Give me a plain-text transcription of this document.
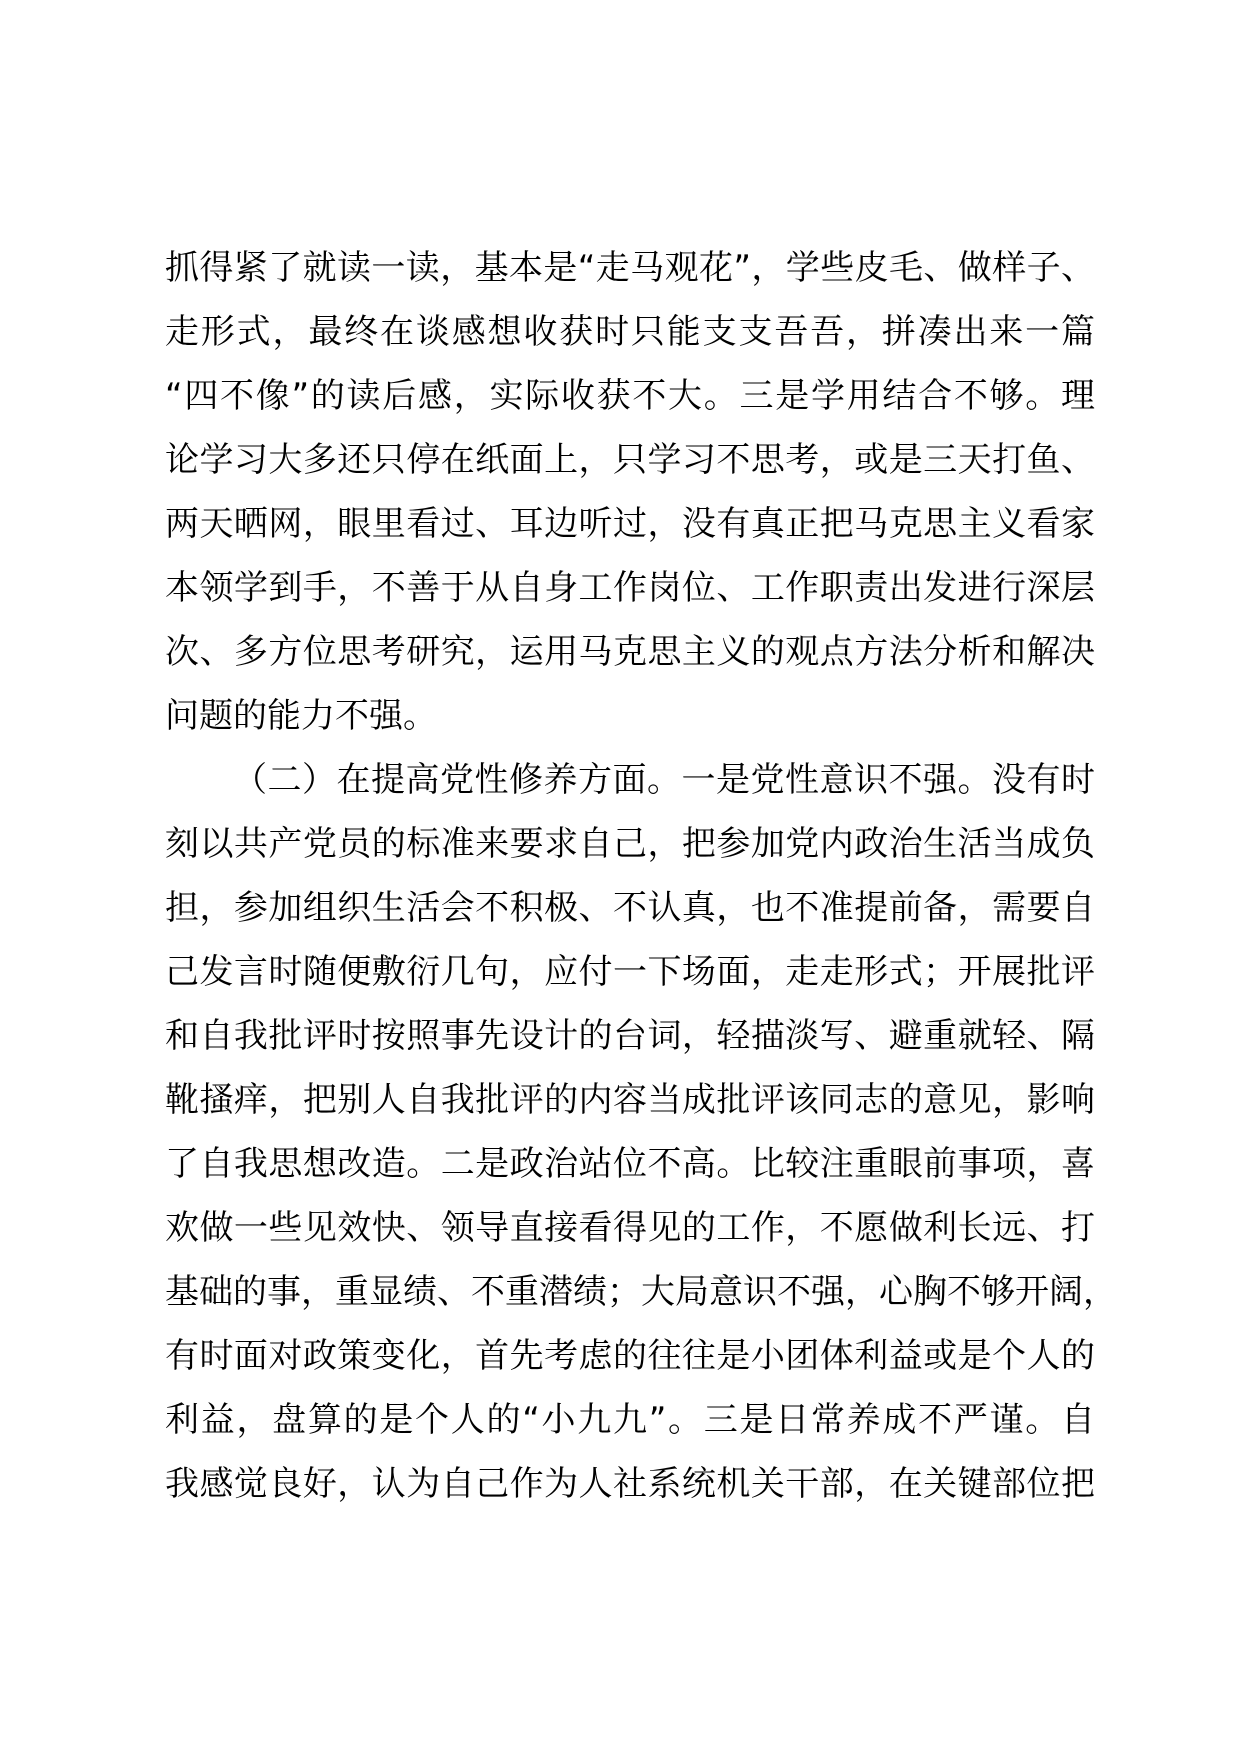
抓得紧了就读一读，基本是“走马观花”，学些皮毛、做样子、
走形式，最终在谈感想收获时只能支支吾吾，拼凑出来一篇
“四不像”的读后感，实际收获不大。三是学用结合不够。理
论学习大多还只停在纸面上，只学习不思考，或是三天打鱼、
两天晒网，眼里看过、耳边听过，没有真正把马克思主义看家
本领学到手，不善于从自身工作岗位、工作职责出发进行深层
次、多方位思考研究，运用马克思主义的观点方法分析和解决
问题的能力不强。
（二）在提高党性修养方面。一是党性意识不强。没有时
刻以共产党员的标准来要求自己，把参加党内政治生活当成负
担，参加组织生活会不积极、不认真，也不准提前备，需要自
己发言时随便敷衍几句，应付一下场面，走走形式；开展批评
和自我批评时按照事先设计的台词，轻描淡写、避重就轻、隔
靴搔痒，把别人自我批评的内容当成批评该同志的意见，影响
了自我思想改造。二是政治站位不高。比较注重眼前事项，喜
欢做一些见效快、领导直接看得见的工作，不愿做利长远、打
基础的事，重显绩、不重潜绩；大局意识不强，心胸不够开阔，
有时面对政策变化，首先考虑的往往是小团体利益或是个人的
利益，盘算的是个人的“小九九”。三是日常养成不严谨。自
我感觉良好，认为自己作为人社系统机关干部，在关键部位把
